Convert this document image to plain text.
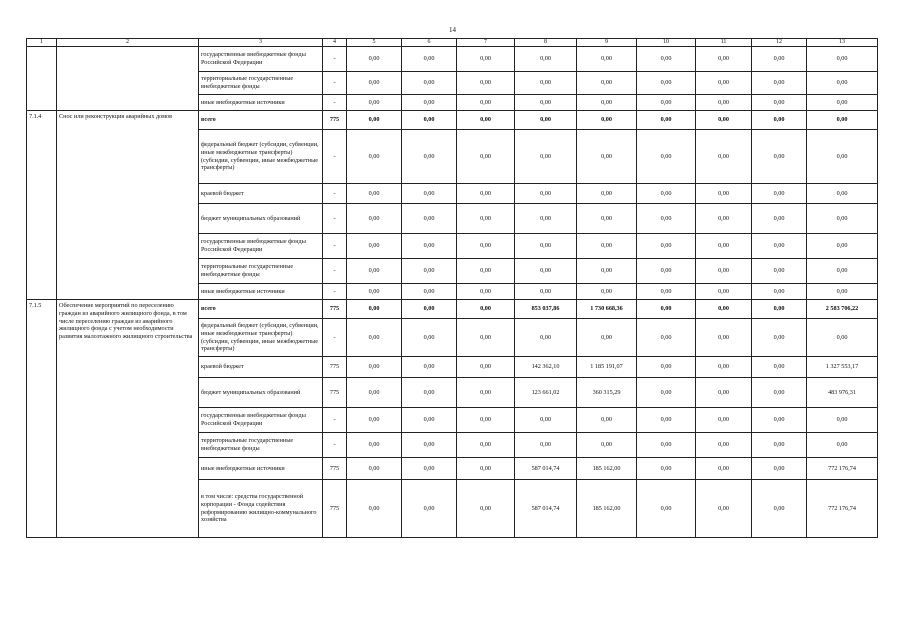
14
1	2	3	4	5	6	7	8	9	10	11	12	13
		государственные внебюджетные фонды Российской Федерации	-	0,00	0,00	0,00	0,00	0,00	0,00	0,00	0,00	0,00
		территориальные государственные внебюджетные фонды	-	0,00	0,00	0,00	0,00	0,00	0,00	0,00	0,00	0,00
		иные внебюджетные источники	-	0,00	0,00	0,00	0,00	0,00	0,00	0,00	0,00	0,00
7.1.4	Снос или реконструкция аварийных домов	всего	775	0,00	0,00	0,00	0,00	0,00	0,00	0,00	0,00	0,00
		федеральный бюджет (субсидии, субвенции, иные межбюджетные трансферты) (субсидии, субвенции, иные межбюджетные трансферты)	-	0,00	0,00	0,00	0,00	0,00	0,00	0,00	0,00	0,00
		краевой бюджет	-	0,00	0,00	0,00	0,00	0,00	0,00	0,00	0,00	0,00
		бюджет муниципальных образований	-	0,00	0,00	0,00	0,00	0,00	0,00	0,00	0,00	0,00
		государственные внебюджетные фонды Российской Федерации	-	0,00	0,00	0,00	0,00	0,00	0,00	0,00	0,00	0,00
		территориальные государственные внебюджетные фонды	-	0,00	0,00	0,00	0,00	0,00	0,00	0,00	0,00	0,00
		иные внебюджетные источники	-	0,00	0,00	0,00	0,00	0,00	0,00	0,00	0,00	0,00
7.1.5	Обеспечение мероприятий по переселению граждан из аварийного жилищного фонда, в том числе переселению граждан из аварийного жилищного фонда с учетом необходимости развития малоэтажного жилищного строительства	всего	775	0,00	0,00	0,00	853 037,86	1 730 668,36	0,00	0,00	0,00	2 583 706,22
		федеральный бюджет (субсидии, субвенции, иные межбюджетные трансферты) (субсидии, субвенции, иные межбюджетные трансферты)	-	0,00	0,00	0,00	0,00	0,00	0,00	0,00	0,00	0,00
		краевой бюджет	775	0,00	0,00	0,00	142 362,10	1 185 191,07	0,00	0,00	0,00	1 327 553,17
		бюджет муниципальных образований	775	0,00	0,00	0,00	123 661,02	360 315,29	0,00	0,00	0,00	483 976,31
		государственные внебюджетные фонды Российской Федерации	-	0,00	0,00	0,00	0,00	0,00	0,00	0,00	0,00	0,00
		территориальные государственные внебюджетные фонды	-	0,00	0,00	0,00	0,00	0,00	0,00	0,00	0,00	0,00
		иные внебюджетные источники	775	0,00	0,00	0,00	587 014,74	185 162,00	0,00	0,00	0,00	772 176,74
		в том числе: средства государственной корпорации - Фонда содействия реформированию жилищно-коммунального хозяйства	775	0,00	0,00	0,00	587 014,74	185 162,00	0,00	0,00	0,00	772 176,74
